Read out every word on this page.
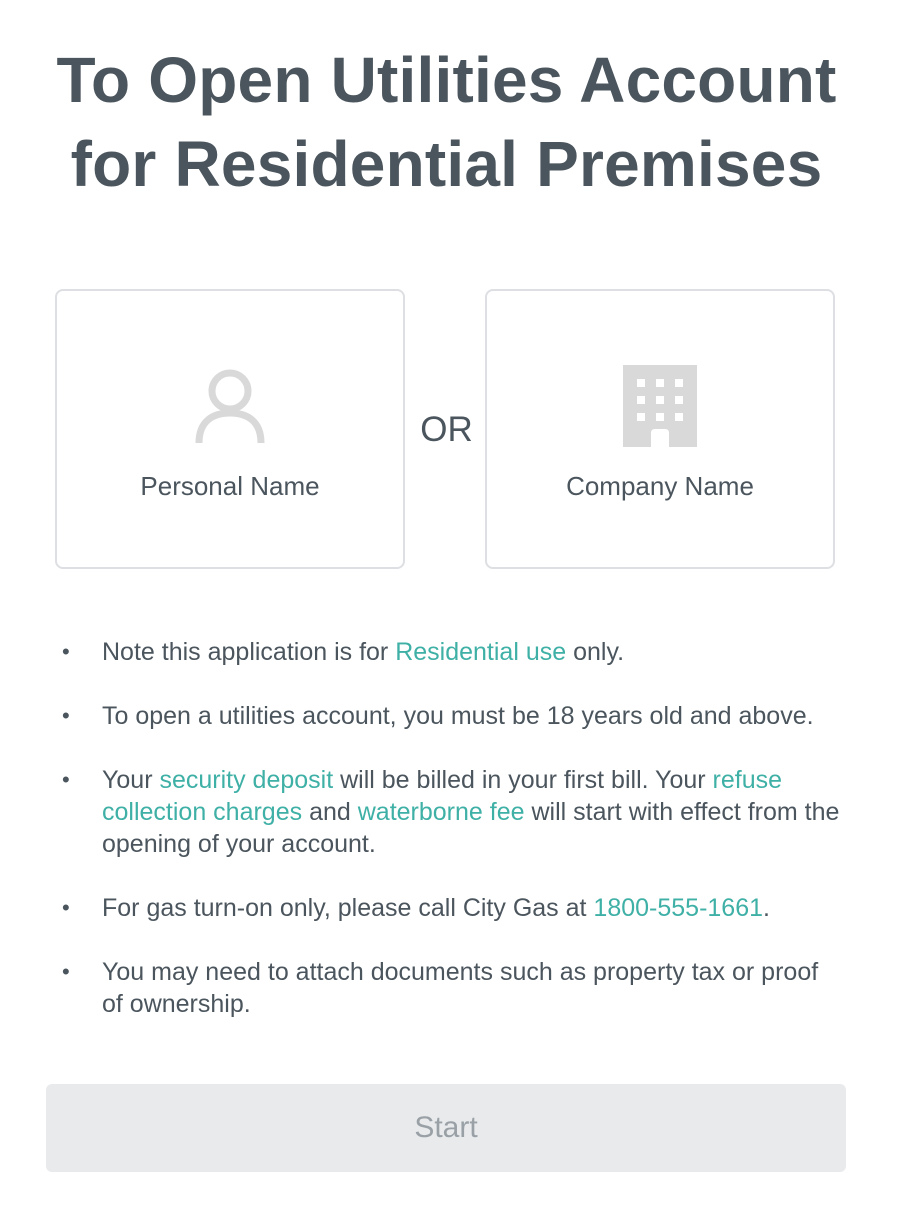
To Open Utilities Account
for Residential Premises
Personal Name
OR
Company Name
• Note this application is for Residential use only.
• To open a utilities account, you must be 18 years old and above.
• Your security deposit will be billed in your first bill. Your refuse collection charges and waterborne fee will start with effect from the opening of your account.
• For gas turn-on only, please call City Gas at 1800-555-1661.
• You may need to attach documents such as property tax or proof of ownership.
Start
